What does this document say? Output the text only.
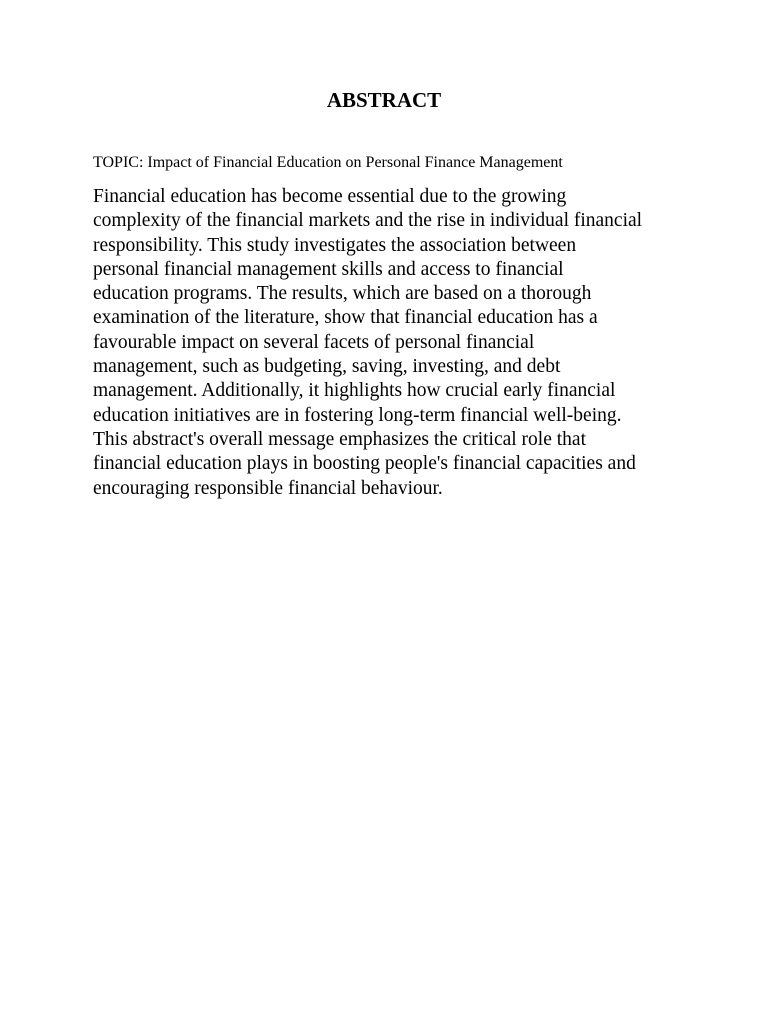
ABSTRACT

TOPIC: Impact of Financial Education on Personal Finance Management

Financial education has become essential due to the growing
complexity of the financial markets and the rise in individual financial
responsibility. This study investigates the association between
personal financial management skills and access to financial
education programs. The results, which are based on a thorough
examination of the literature, show that financial education has a
favourable impact on several facets of personal financial
management, such as budgeting, saving, investing, and debt
management. Additionally, it highlights how crucial early financial
education initiatives are in fostering long-term financial well-being.
This abstract's overall message emphasizes the critical role that
financial education plays in boosting people's financial capacities and
encouraging responsible financial behaviour.
